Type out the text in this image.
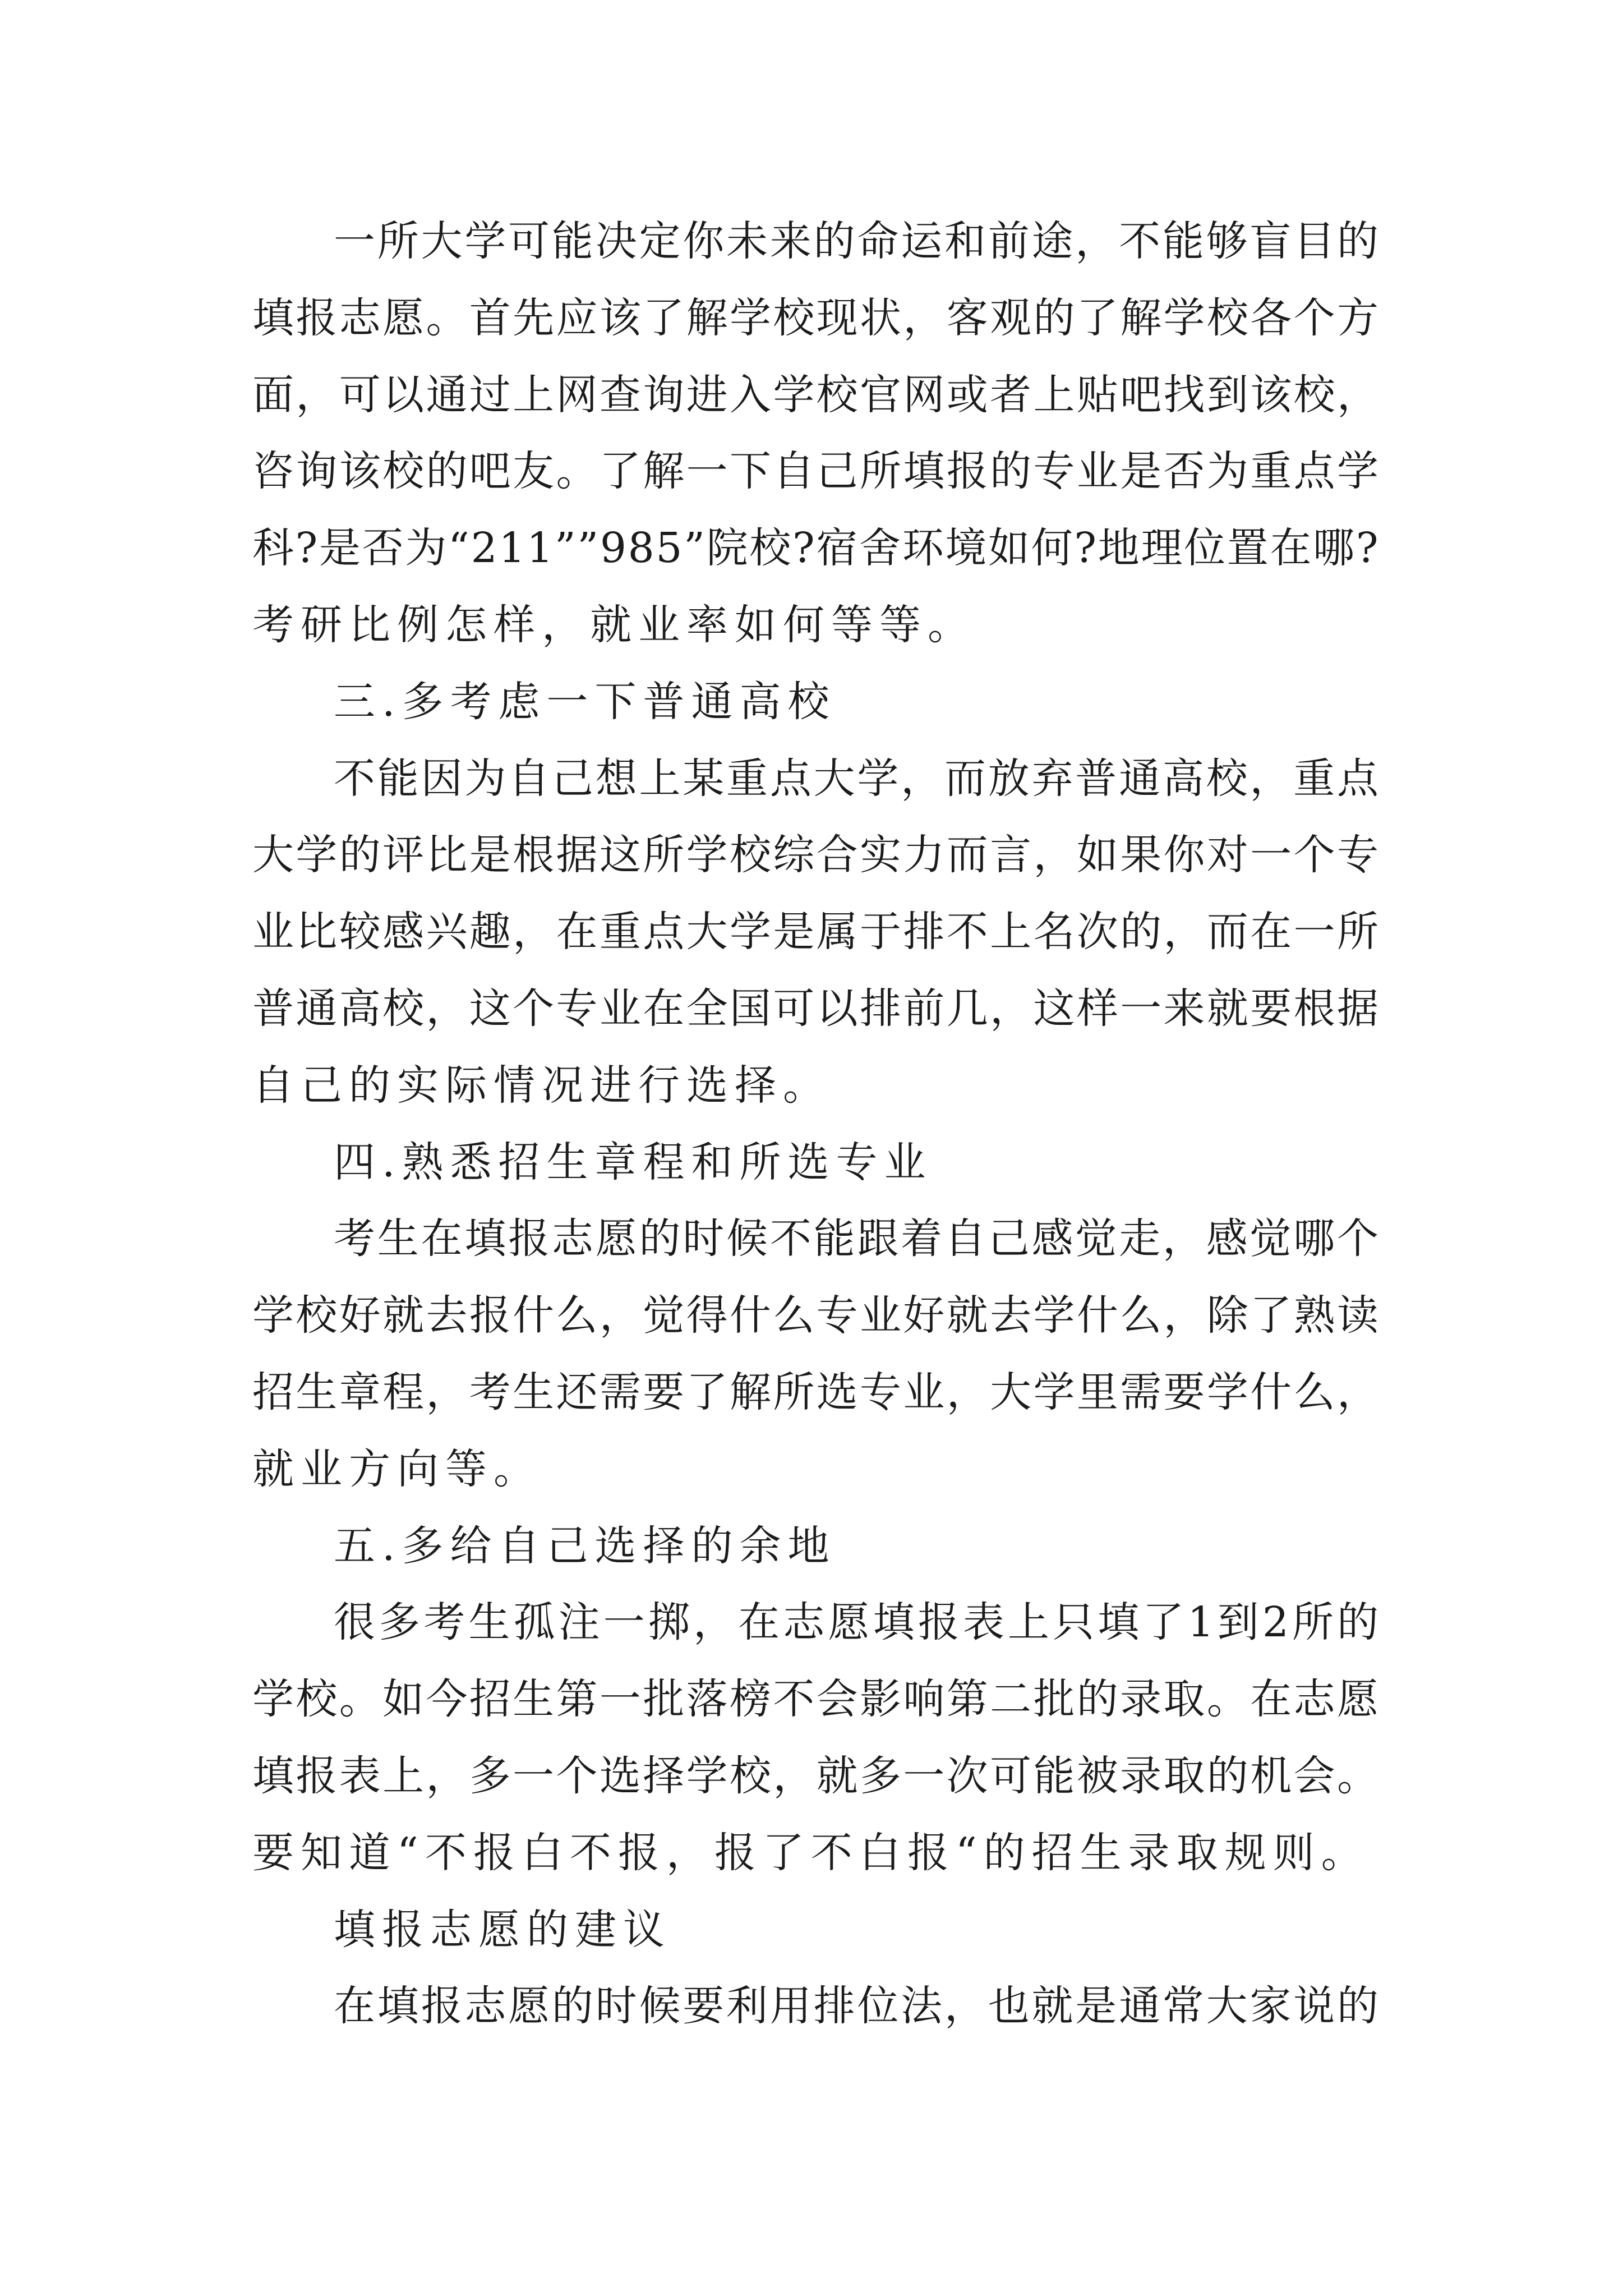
一所大学可能决定你未来的命运和前途，不能够盲目的
填报志愿。首先应该了解学校现状，客观的了解学校各个方
面，可以通过上网查询进入学校官网或者上贴吧找到该校，
咨询该校的吧友。了解一下自己所填报的专业是否为重点学
科?是否为“211””985”院校?宿舍环境如何?地理位置在哪?
考研比例怎样，就业率如何等等。
三.多考虑一下普通高校
不能因为自己想上某重点大学，而放弃普通高校，重点
大学的评比是根据这所学校综合实力而言，如果你对一个专
业比较感兴趣，在重点大学是属于排不上名次的，而在一所
普通高校，这个专业在全国可以排前几，这样一来就要根据
自己的实际情况进行选择。
四.熟悉招生章程和所选专业
考生在填报志愿的时候不能跟着自己感觉走，感觉哪个
学校好就去报什么，觉得什么专业好就去学什么，除了熟读
招生章程，考生还需要了解所选专业，大学里需要学什么，
就业方向等。
五.多给自己选择的余地
很多考生孤注一掷，在志愿填报表上只填了1到2所的
学校。如今招生第一批落榜不会影响第二批的录取。在志愿
填报表上，多一个选择学校，就多一次可能被录取的机会。
要知道“不报白不报，报了不白报“的招生录取规则。
填报志愿的建议
在填报志愿的时候要利用排位法，也就是通常大家说的
